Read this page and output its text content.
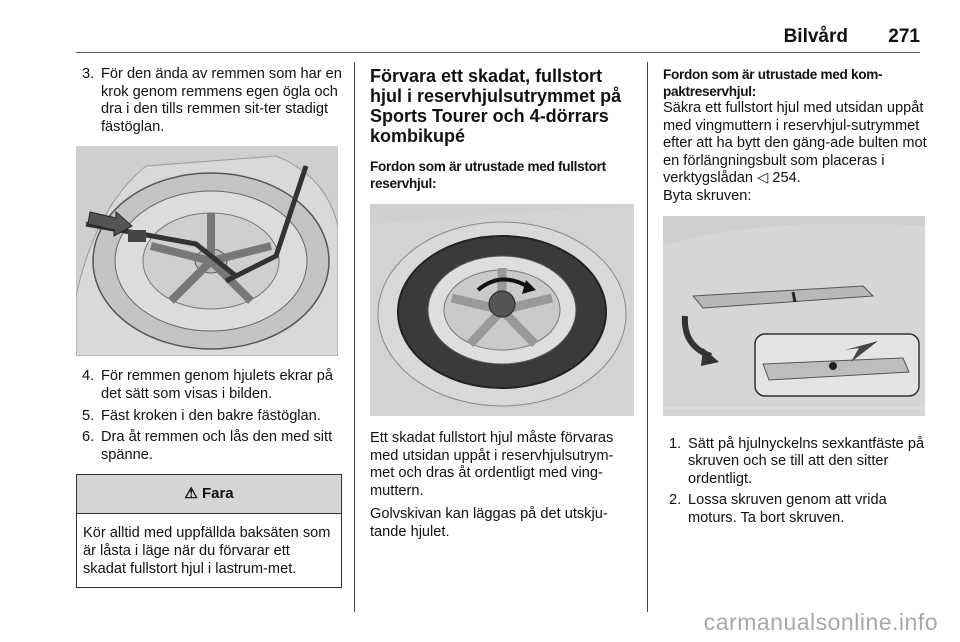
Bilvård 271
3. För den ända av remmen som har en krok genom remmens egen ögla och dra i den tills remmen sit-ter stadigt fästöglan.
4. För remmen genom hjulets ekrar på det sätt som visas i bilden.
5. Fäst kroken i den bakre fästöglan.
6. Dra åt remmen och lås den med sitt spänne.
⚠ Fara
Kör alltid med uppfällda baksäten som är låsta i läge när du förvarar ett skadat fullstort hjul i lastrum-met.
Förvara ett skadat, fullstort hjul i reservhjulsutrymmet på Sports Tourer och 4-dörrars kombikupé
Fordon som är utrustade med fullstort reservhjul:

Ett skadat fullstort hjul måste förvaras med utsidan uppåt i reservhjulsutrym-met och dras åt ordentligt med ving-muttern.

Golvskivan kan läggas på det utskju-tande hjulet.

Fordon som är utrustade med kom-paktreservhjul:

Säkra ett fullstort hjul med utsidan uppåt med vingmuttern i reservhjul-sutrymmet efter att ha bytt den gäng-ade bulten mot en förlängningsbult som placeras i verktygslådan ◁ 254.

Byta skruven:

1. Sätt på hjulnyckelns sexkantfäste på skruven och se till att den sitter ordentligt.
2. Lossa skruven genom att vrida moturs. Ta bort skruven.
carmanualsonline.info
